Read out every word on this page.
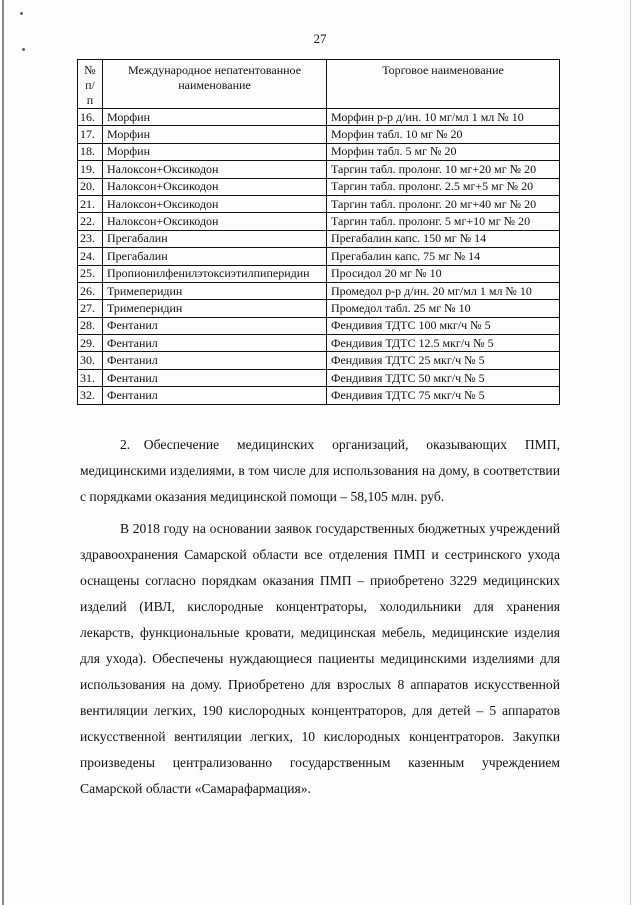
27
№ п/п	Международное непатентованное наименование	Торговое наименование
16.	Морфин	Морфин р-р д/ин. 10 мг/мл 1 мл № 10
17.	Морфин	Морфин табл. 10 мг № 20
18.	Морфин	Морфин табл. 5 мг № 20
19.	Налоксон+Оксикодон	Таргин табл. пролонг. 10 мг+20 мг № 20
20.	Налоксон+Оксикодон	Таргин табл. пролонг. 2.5 мг+5 мг № 20
21.	Налоксон+Оксикодон	Таргин табл. пролонг. 20 мг+40 мг № 20
22.	Налоксон+Оксикодон	Таргин табл. пролонг. 5 мг+10 мг № 20
23.	Прегабалин	Прегабалин капс. 150 мг № 14
24.	Прегабалин	Прегабалин капс. 75 мг № 14
25.	Пропионилфенилэтоксиэтилпиперидин	Просидол 20 мг № 10
26.	Тримеперидин	Промедол р-р д/ин. 20 мг/мл 1 мл № 10
27.	Тримеперидин	Промедол табл. 25 мг № 10
28.	Фентанил	Фендивия ТДТС 100 мкг/ч № 5
29.	Фентанил	Фендивия ТДТС 12.5 мкг/ч № 5
30.	Фентанил	Фендивия ТДТС 25 мкг/ч № 5
31.	Фентанил	Фендивия ТДТС 50 мкг/ч № 5
32.	Фентанил	Фендивия ТДТС 75 мкг/ч № 5

2. Обеспечение медицинских организаций, оказывающих ПМП, медицинскими изделиями, в том числе для использования на дому, в соответствии с порядками оказания медицинской помощи – 58,105 млн. руб.

В 2018 году на основании заявок государственных бюджетных учреждений здравоохранения Самарской области все отделения ПМП и сестринского ухода оснащены согласно порядкам оказания ПМП – приобретено 3229 медицинских изделий (ИВЛ, кислородные концентраторы, холодильники для хранения лекарств, функциональные кровати, медицинская мебель, медицинские изделия для ухода). Обеспечены нуждающиеся пациенты медицинскими изделиями для использования на дому. Приобретено для взрослых 8 аппаратов искусственной вентиляции легких, 190 кислородных концентраторов, для детей – 5 аппаратов искусственной вентиляции легких, 10 кислородных концентраторов. Закупки произведены централизованно государственным казенным учреждением Самарской области «Самарафармация».
